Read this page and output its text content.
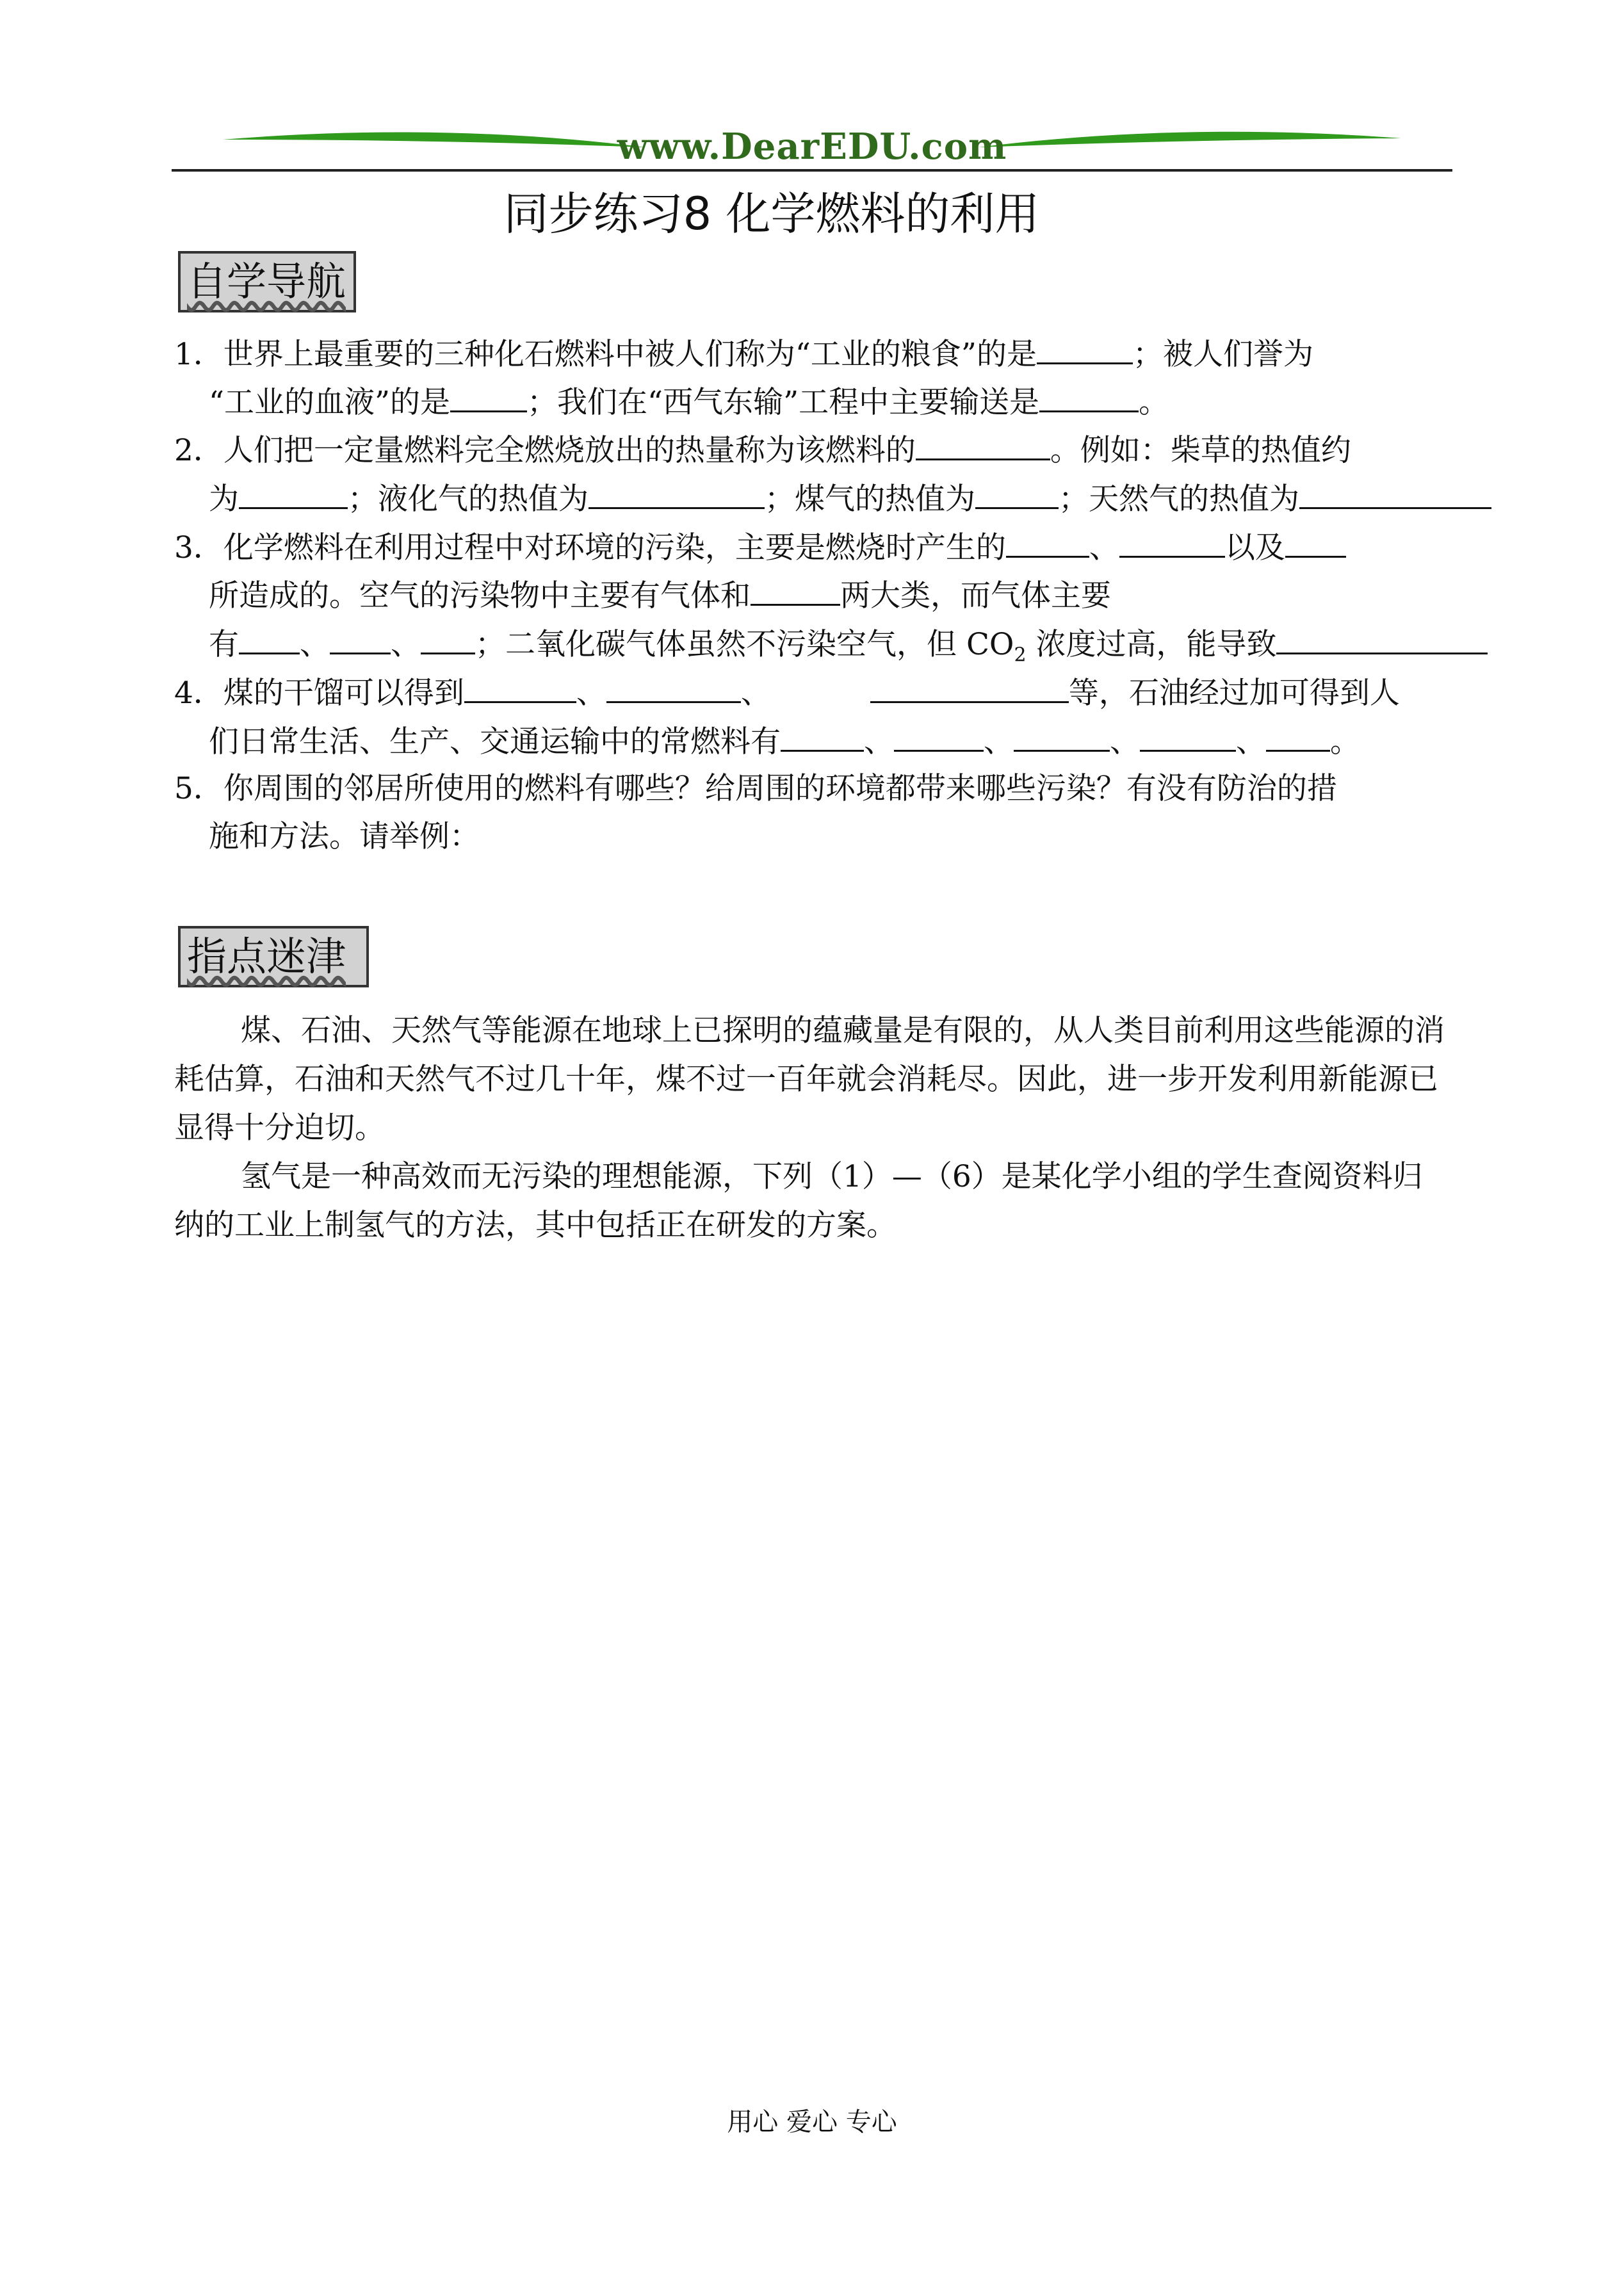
www.DearEDU.com
同步练习8 化学燃料的利用
自学导航
1．世界上最重要的三种化石燃料中被人们称为“工业的粮食”的是	；被人们誉为
“工业的血液”的是	；我们在“西气东输”工程中主要输送是	。
2．人们把一定量燃料完全燃烧放出的热量称为该燃料的	。例如：柴草的热值约
为	；液化气的热值为	；煤气的热值为	；天然气的热值为
3．化学燃料在利用过程中对环境的污染，主要是燃烧时产生的	、	以及
所造成的。空气的污染物中主要有气体和	两大类，而气体主要
有 、 、 ；二氧化碳气体虽然不污染空气，但 $CO_2$ 浓度过高，能导致
4．煤的干馏可以得到	、	、	等，石油经过加可得到人
们日常生活、生产、交通运输中的常燃料有	、	、	、	、 。
5．你周围的邻居所使用的燃料有哪些？给周围的环境都带来哪些污染？有没有防治的措
施和方法。请举例：
指点迷津
煤、石油、天然气等能源在地球上已探明的蕴藏量是有限的，从人类目前利用这些能源的消耗估算，石油和天然气不过几十年，煤不过一百年就会消耗尽。因此，进一步开发利用新能源已显得十分迫切。
氢气是一种高效而无污染的理想能源，下列（1）—（6）是某化学小组的学生查阅资料归纳的工业上制氢气的方法，其中包括正在研发的方案。
用心 爱心 专心
